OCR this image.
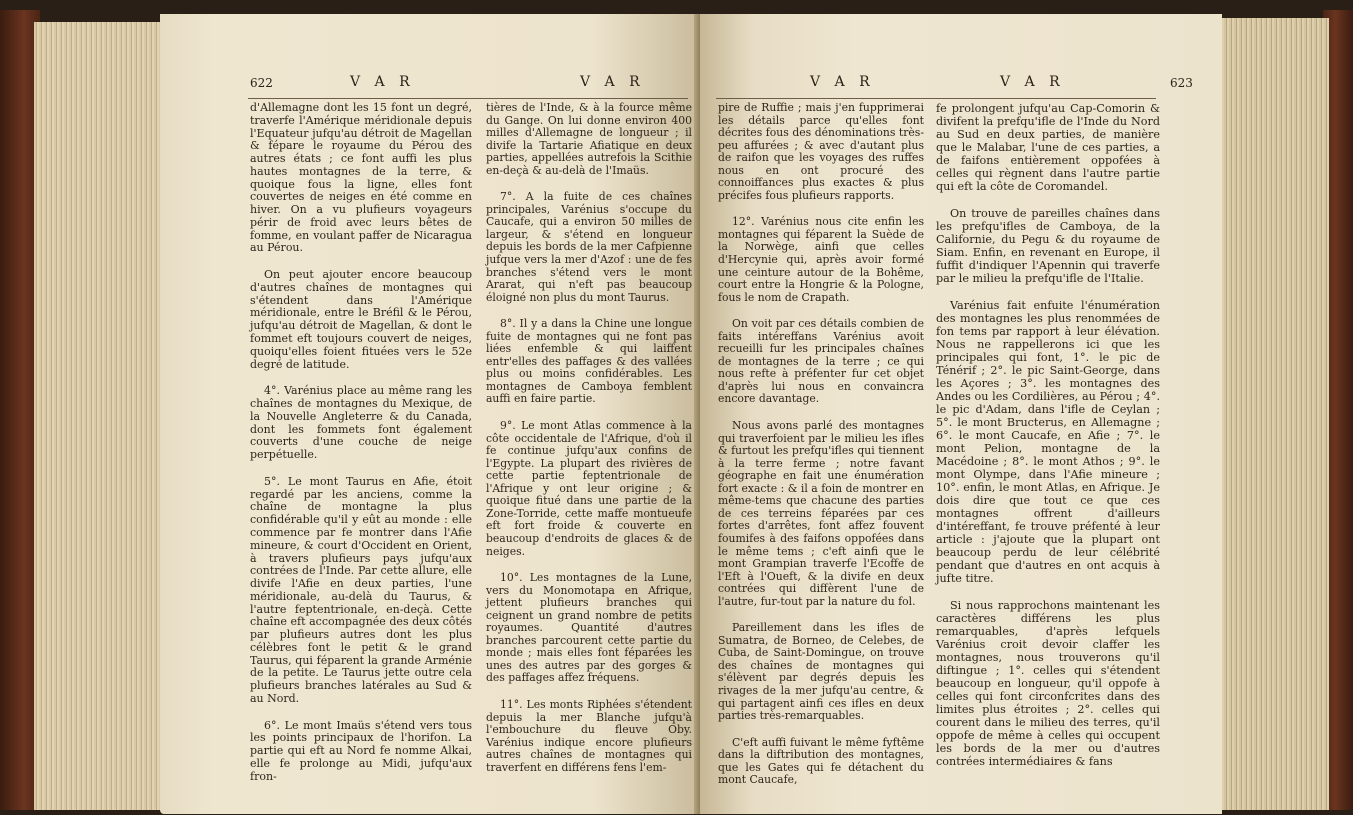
622	V A R	V A R

d'Allemagne dont les 15 font un degré, traverfe l'Amérique méridionale depuis l'Equateur jufqu'au détroit de Magellan & fépare le royaume du Pérou des autres états ; ce font auffi les plus hautes montagnes de la terre, & quoique fous la ligne, elles font couvertes de neiges en été comme en hiver. On a vu plufieurs voyageurs périr de froid avec leurs bêtes de fomme, en voulant paffer de Nicaragua au Pérou.

On peut ajouter encore beaucoup d'autres chaînes de montagnes qui s'étendent dans l'Amérique méridionale, entre le Bréfil & le Pérou, jufqu'au détroit de Magellan, & dont le fommet eft toujours couvert de neiges, quoiqu'elles foient fituées vers le 52e degré de latitude.

4°. Varénius place au même rang les chaînes de montagnes du Mexique, de la Nouvelle Angleterre & du Canada, dont les fommets font également couverts d'une couche de neige perpétuelle.

5°. Le mont Taurus en Afie, étoit regardé par les anciens, comme la chaîne de montagne la plus confidérable qu'il y eût au monde : elle commence par fe montrer dans l'Afie mineure, & court d'Occident en Orient, à travers plufieurs pays jufqu'aux contrées de l'Inde. Par cette allure, elle divife l'Afie en deux parties, l'une méridionale, au-delà du Taurus, & l'autre feptentrionale, en-deçà. Cette chaîne eft accompagnée des deux côtés par plufieurs autres dont les plus célèbres font le petit & le grand Taurus, qui féparent la grande Arménie de la petite. Le Taurus jette outre cela plufieurs branches latérales au Sud & au Nord.

6°. Le mont Imaüs s'étend vers tous les points principaux de l'horifon. La partie qui eft au Nord fe nomme Alkai, elle fe prolonge au Midi, jufqu'aux fron-

tières de l'Inde, & à la fource même du Gange. On lui donne environ 400 milles d'Allemagne de longueur ; il divife la Tartarie Afiatique en deux parties, appellées autrefois la Scithie en-deçà & au-delà de l'Imaüs.

7°. A la fuite de ces chaînes principales, Varénius s'occupe du Caucafe, qui a environ 50 milles de largeur, & s'étend en longueur depuis les bords de la mer Cafpienne jufque vers la mer d'Azof : une de fes branches s'étend vers le mont Ararat, qui n'eft pas beaucoup éloigné non plus du mont Taurus.

8°. Il y a dans la Chine une longue fuite de montagnes qui ne font pas liées enfemble & qui laiffent entr'elles des paffages & des vallées plus ou moins confidérables. Les montagnes de Camboya femblent auffi en faire partie.

9°. Le mont Atlas commence à la côte occidentale de l'Afrique, d'où il fe continue jufqu'aux confins de l'Egypte. La plupart des rivières de cette partie feptentrionale de l'Afrique y ont leur origine ; & quoique fitué dans une partie de la Zone-Torride, cette maffe montueufe eft fort froide & couverte en beaucoup d'endroits de glaces & de neiges.

10°. Les montagnes de la Lune, vers du Monomotapa en Afrique, jettent plufieurs branches qui ceignent un grand nombre de petits royaumes. Quantité d'autres branches parcourent cette partie du monde ; mais elles font féparées les unes des autres par des gorges & des paffages affez fréquens.

11°. Les monts Riphées s'étendent depuis la mer Blanche jufqu'à l'embouchure du fleuve Oby. Varénius indique encore plufieurs autres chaînes de montagnes qui traverfent en différens fens l'em-

V A R	V A R	623

pire de Ruffie ; mais j'en fupprimerai les détails parce qu'elles font décrites fous des dénominations très-peu affurées ; & avec d'autant plus de raifon que les voyages des ruffes nous en ont procuré des connoiffances plus exactes & plus précifes fous plufieurs rapports.

12°. Varénius nous cite enfin les montagnes qui féparent la Suède de la Norwège, ainfi que celles d'Hercynie qui, après avoir formé une ceinture autour de la Bohême, court entre la Hongrie & la Pologne, fous le nom de Crapath.

On voit par ces détails combien de faits intéreffans Varénius avoit recueilli fur les principales chaînes de montagnes de la terre ; ce qui nous refte à préfenter fur cet objet d'après lui nous en convaincra encore davantage.

Nous avons parlé des montagnes qui traverfoient par le milieu les ifles & furtout les prefqu'ifles qui tiennent à la terre ferme ; notre favant géographe en fait une énumération fort exacte : & il a foin de montrer en même-tems que chacune des parties de ces terreins féparées par ces fortes d'arrêtes, font affez fouvent foumifes à des faifons oppofées dans le même tems ; c'eft ainfi que le mont Grampian traverfe l'Ecoffe de l'Eft à l'Oueft, & la divife en deux contrées qui diffèrent l'une de l'autre, fur-tout par la nature du fol.

Pareillement dans les ifles de Sumatra, de Borneo, de Celebes, de Cuba, de Saint-Domingue, on trouve des chaînes de montagnes qui s'élèvent par degrés depuis les rivages de la mer jufqu'au centre, & qui partagent ainfi ces ifles en deux parties très-remarquables.

C'eft auffi fuivant le même fyftême dans la diftribution des montagnes, que les Gates qui fe détachent du mont Caucafe,

fe prolongent jufqu'au Cap-Comorin & divifent la prefqu'ifle de l'Inde du Nord au Sud en deux parties, de manière que le Malabar, l'une de ces parties, a de faifons entièrement oppofées à celles qui règnent dans l'autre partie qui eft la côte de Coromandel.

On trouve de pareilles chaînes dans les prefqu'ifles de Camboya, de la Californie, du Pegu & du royaume de Siam. Enfin, en revenant en Europe, il fuffit d'indiquer l'Apennin qui traverfe par le milieu la prefqu'ifle de l'Italie.

Varénius fait enfuite l'énumération des montagnes les plus renommées de fon tems par rapport à leur élévation. Nous ne rappellerons ici que les principales qui font, 1°. le pic de Ténérif ; 2°. le pic Saint-George, dans les Açores ; 3°. les montagnes des Andes ou les Cordilières, au Pérou ; 4°. le pic d'Adam, dans l'ifle de Ceylan ; 5°. le mont Bructerus, en Allemagne ; 6°. le mont Caucafe, en Afie ; 7°. le mont Pelion, montagne de la Macédoine ; 8°. le mont Athos ; 9°. le mont Olympe, dans l'Afie mineure ; 10°. enfin, le mont Atlas, en Afrique. Je dois dire que tout ce que ces montagnes offrent d'ailleurs d'intéreffant, fe trouve préfenté à leur article : j'ajoute que la plupart ont beaucoup perdu de leur célébrité pendant que d'autres en ont acquis à jufte titre.

Si nous rapprochons maintenant les caractères différens les plus remarquables, d'après lefquels Varénius croit devoir claffer les montagnes, nous trouverons qu'il diftingue ; 1°. celles qui s'étendent beaucoup en longueur, qu'il oppofe à celles qui font circonfcrites dans des limites plus étroites ; 2°. celles qui courent dans le milieu des terres, qu'il oppofe de même à celles qui occupent les bords de la mer ou d'autres contrées intermédiaires & fans
